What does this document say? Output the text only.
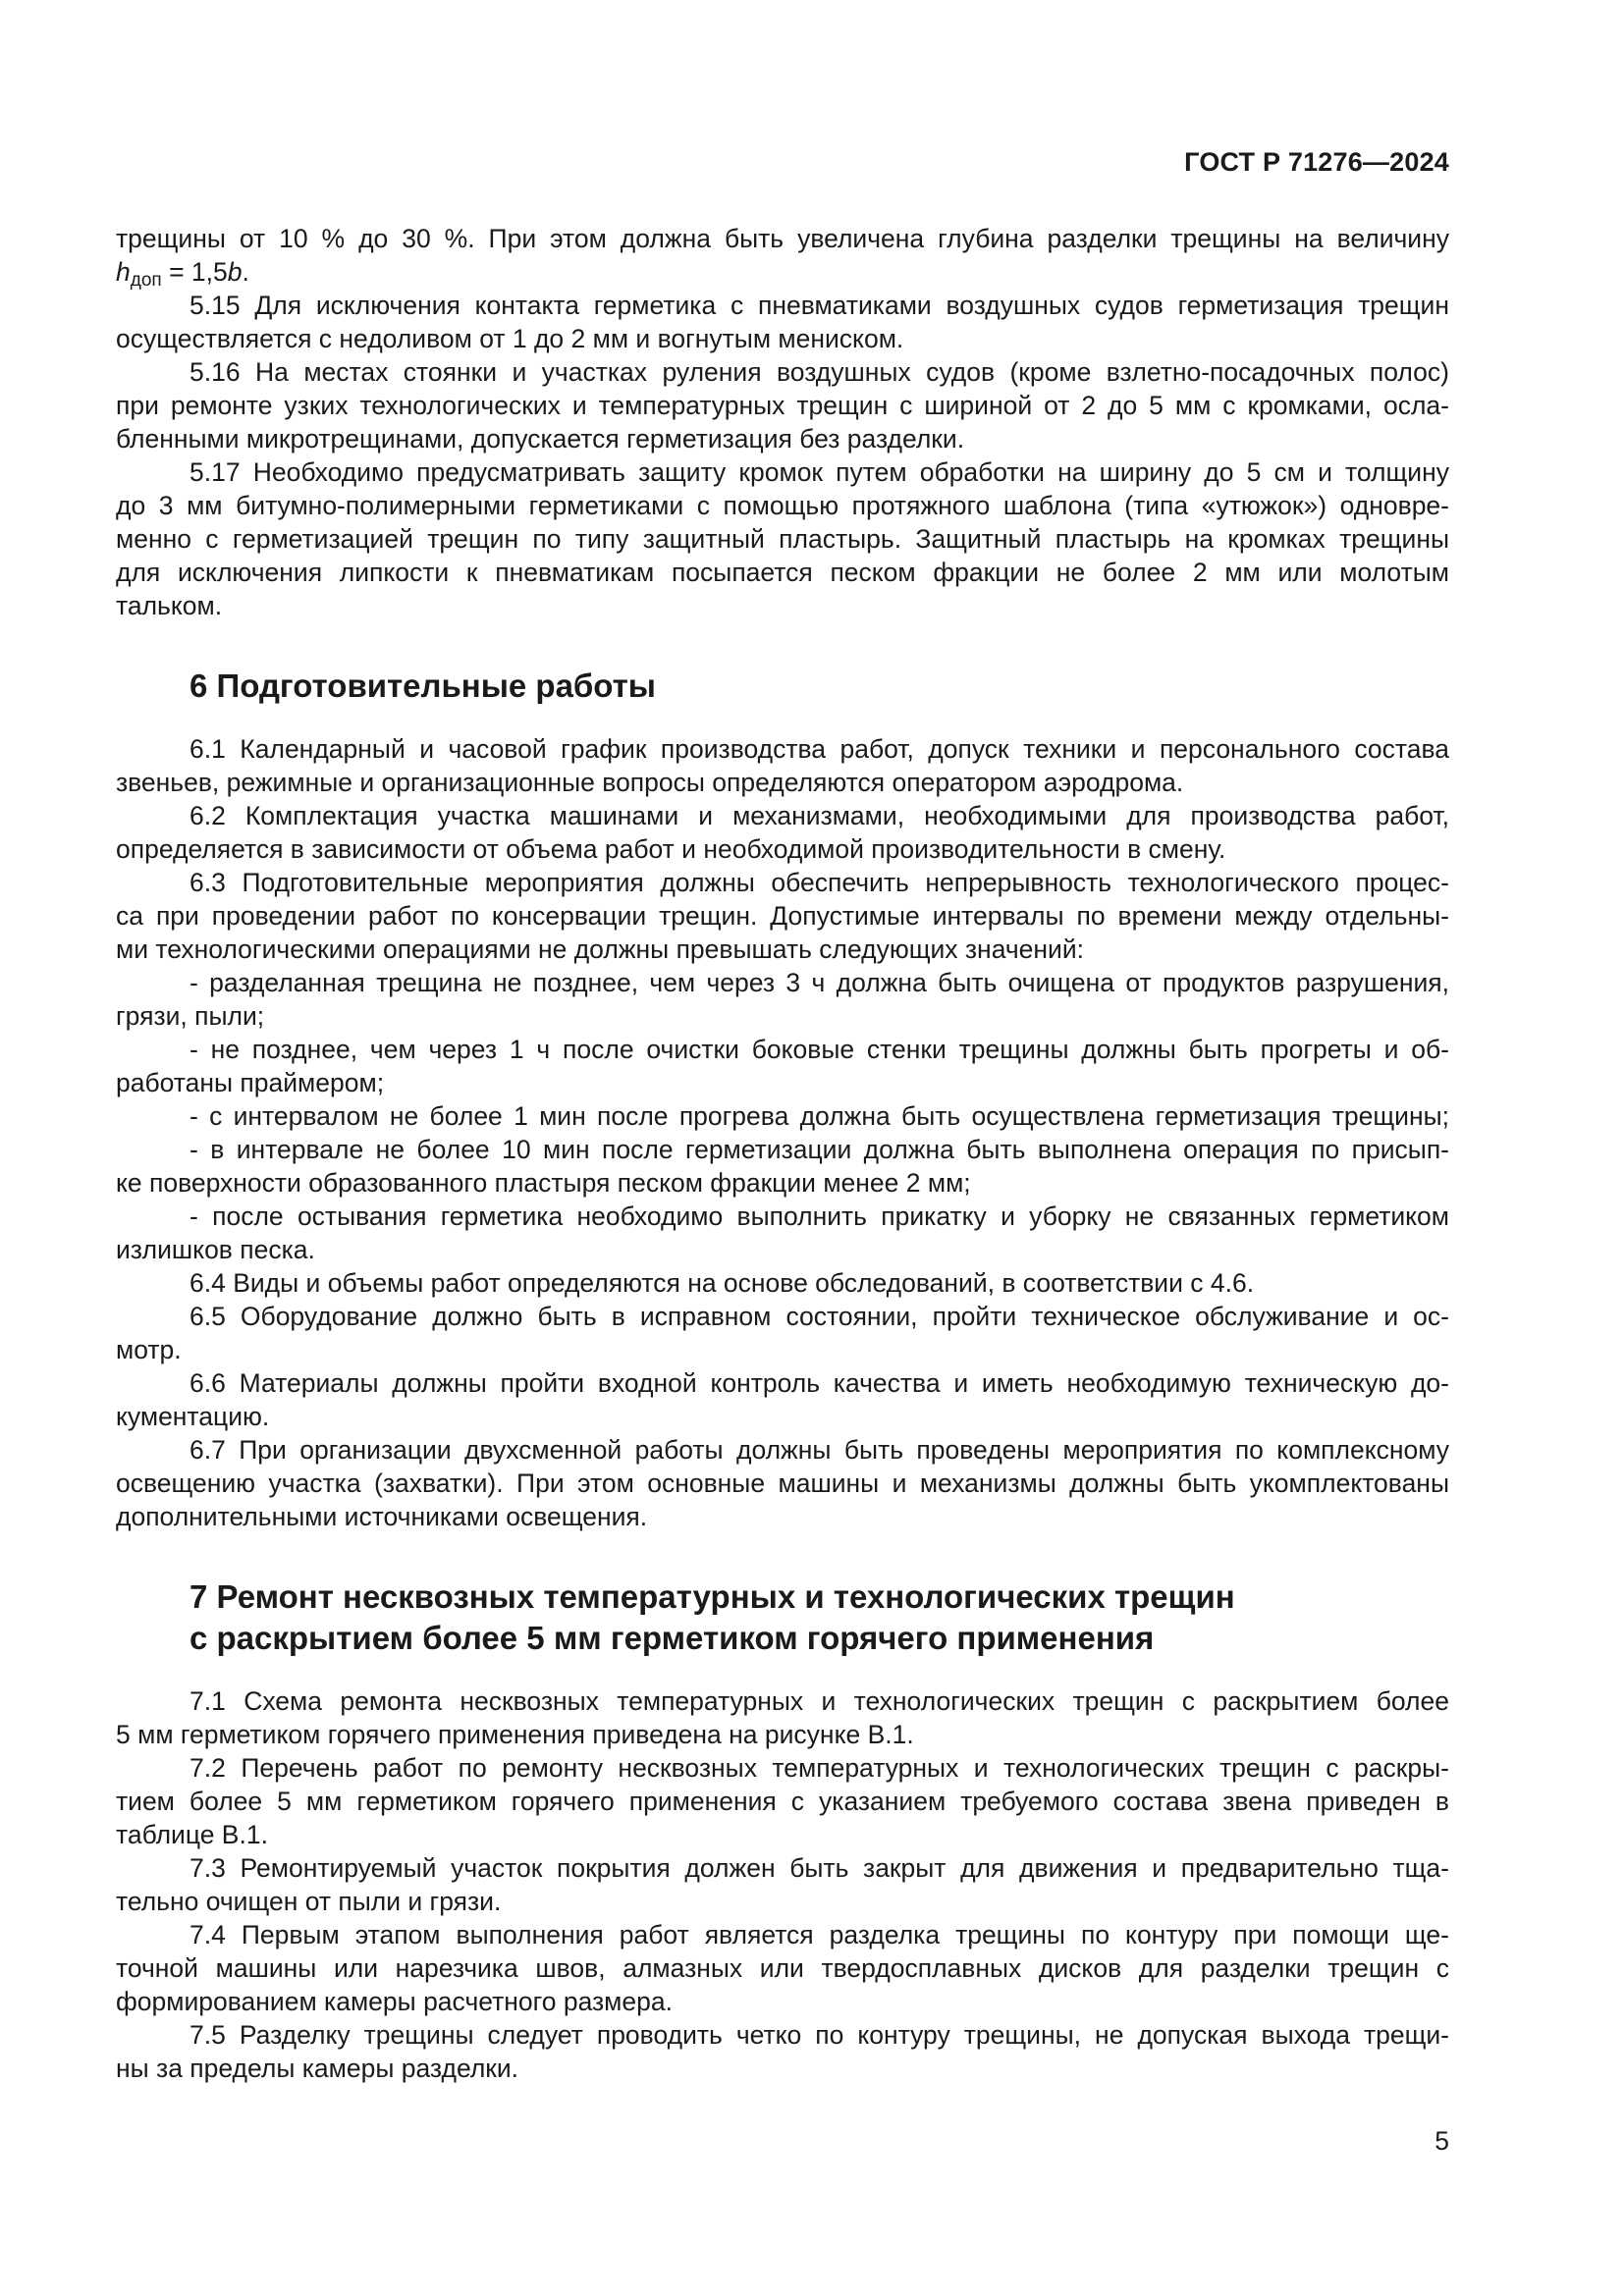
ГОСТ Р 71276—2024

трещины от 10 % до 30 %. При этом должна быть увеличена глубина разделки трещины на величину

$h_{доп} = 1,5b$.

5.15 Для исключения контакта герметика с пневматиками воздушных судов герметизация трещин

осуществляется с недоливом от 1 до 2 мм и вогнутым мениском.

5.16 На местах стоянки и участках руления воздушных судов (кроме взлетно-посадочных полос)

при ремонте узких технологических и температурных трещин с шириной от 2 до 5 мм с кромками, осла-

бленными микротрещинами, допускается герметизация без разделки.

5.17 Необходимо предусматривать защиту кромок путем обработки на ширину до 5 см и толщину

до 3 мм битумно-полимерными герметиками с помощью протяжного шаблона (типа «утюжок») одновре-

менно с герметизацией трещин по типу защитный пластырь. Защитный пластырь на кромках трещины

для исключения липкости к пневматикам посыпается песком фракции не более 2 мм или молотым

тальком.

6 Подготовительные работы

6.1 Календарный и часовой график производства работ, допуск техники и персонального состава

звеньев, режимные и организационные вопросы определяются оператором аэродрома.

6.2 Комплектация участка машинами и механизмами, необходимыми для производства работ,

определяется в зависимости от объема работ и необходимой производительности в смену.

6.3 Подготовительные мероприятия должны обеспечить непрерывность технологического процес-

са при проведении работ по консервации трещин. Допустимые интервалы по времени между отдельны-

ми технологическими операциями не должны превышать следующих значений:

- разделанная трещина не позднее, чем через 3 ч должна быть очищена от продуктов разрушения,

грязи, пыли;

- не позднее, чем через 1 ч после очистки боковые стенки трещины должны быть прогреты и об-

работаны праймером;

- с интервалом не более 1 мин после прогрева должна быть осуществлена герметизация трещины;

- в интервале не более 10 мин после герметизации должна быть выполнена операция по присып-

ке поверхности образованного пластыря песком фракции менее 2 мм;

- после остывания герметика необходимо выполнить прикатку и уборку не связанных герметиком

излишков песка.

6.4 Виды и объемы работ определяются на основе обследований, в соответствии с 4.6.

6.5 Оборудование должно быть в исправном состоянии, пройти техническое обслуживание и ос-

мотр.

6.6 Материалы должны пройти входной контроль качества и иметь необходимую техническую до-

кументацию.

6.7 При организации двухсменной работы должны быть проведены мероприятия по комплексному

освещению участка (захватки). При этом основные машины и механизмы должны быть укомплектованы

дополнительными источниками освещения.

7 Ремонт несквозных температурных и технологических трещин
с раскрытием более 5 мм герметиком горячего применения

7.1 Схема ремонта несквозных температурных и технологических трещин с раскрытием более

5 мм герметиком горячего применения приведена на рисунке В.1.

7.2 Перечень работ по ремонту несквозных температурных и технологических трещин с раскры-

тием более 5 мм герметиком горячего применения с указанием требуемого состава звена приведен в

таблице В.1.

7.3 Ремонтируемый участок покрытия должен быть закрыт для движения и предварительно тща-

тельно очищен от пыли и грязи.

7.4 Первым этапом выполнения работ является разделка трещины по контуру при помощи ще-

точной машины или нарезчика швов, алмазных или твердосплавных дисков для разделки трещин с

формированием камеры расчетного размера.

7.5 Разделку трещины следует проводить четко по контуру трещины, не допуская выхода трещи-

ны за пределы камеры разделки.

5
